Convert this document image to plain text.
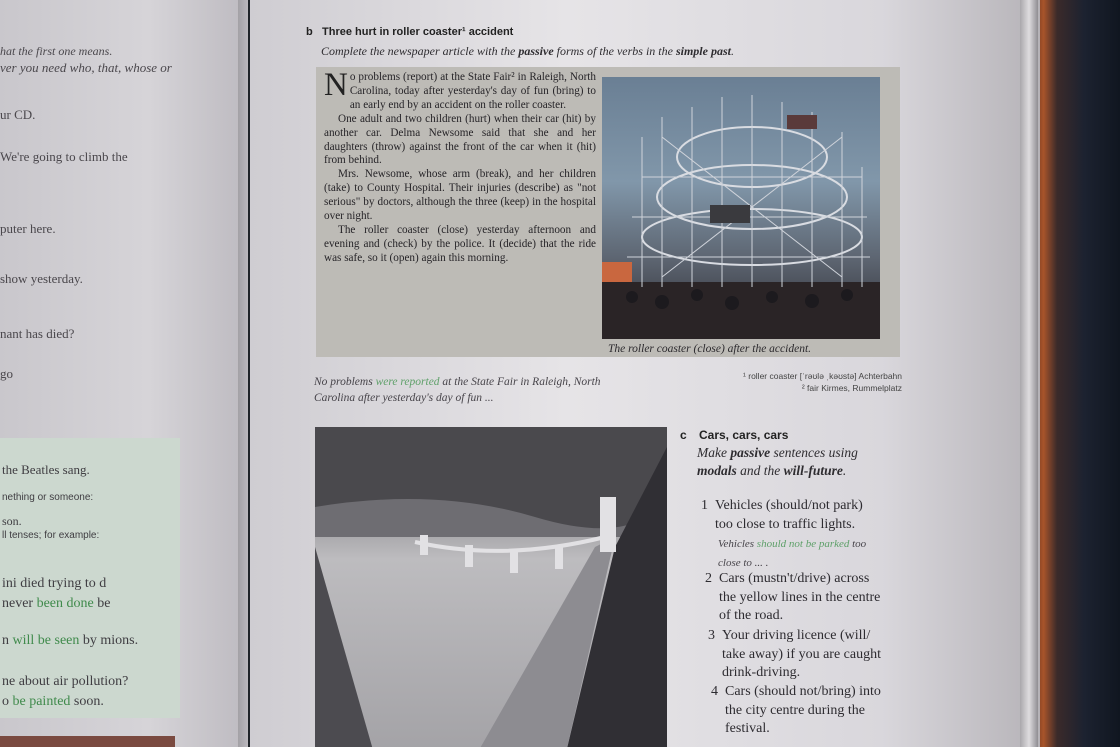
hat the first one means.
ver you need who, that, whose or
ur CD.
We're going to climb the
puter here.
show yesterday.
nant has died?
go
the Beatles sang.
nething or someone:
son.
ll tenses; for example:
ini died trying to d
never been done be
n will be seen by mions.
ne about air pollution?
o be painted soon.
b Three hurt in roller coaster¹ accident
Complete the newspaper article with the passive forms of the verbs in the simple past.

No problems (report) at the State Fair² in Raleigh, North Carolina, today after yesterday's day of fun (bring) to an early end by an accident on the roller coaster.

One adult and two children (hurt) when their car (hit) by another car. Delma Newsome said that she and her daughters (throw) against the front of the car when it (hit) from behind.

Mrs. Newsome, whose arm (break), and her children (take) to County Hospital. Their injuries (describe) as "not serious" by doctors, although the three (keep) in the hospital over night.

The roller coaster (close) yesterday afternoon and evening and (check) by the police. It (decide) that the ride was safe, so it (open) again this morning.

The roller coaster (close) after the accident.
No problems were reported at the State Fair in Raleigh, North
Carolina after yesterday's day of fun ...
¹ roller coaster [ˈrəʊlə ˌkəʊstə] Achterbahn
² fair Kirmes, Rummelplatz
c Cars, cars, cars
Make passive sentences using
modals and the will-future.
1 Vehicles (should/not park)
too close to traffic lights.
Vehicles should not be parked too
close to ... .
2 Cars (mustn't/drive) across
the yellow lines in the centre
of the road.
3 Your driving licence (will/
take away) if you are caught
drink-driving.
4 Cars (should not/bring) into
the city centre during the
festival.
